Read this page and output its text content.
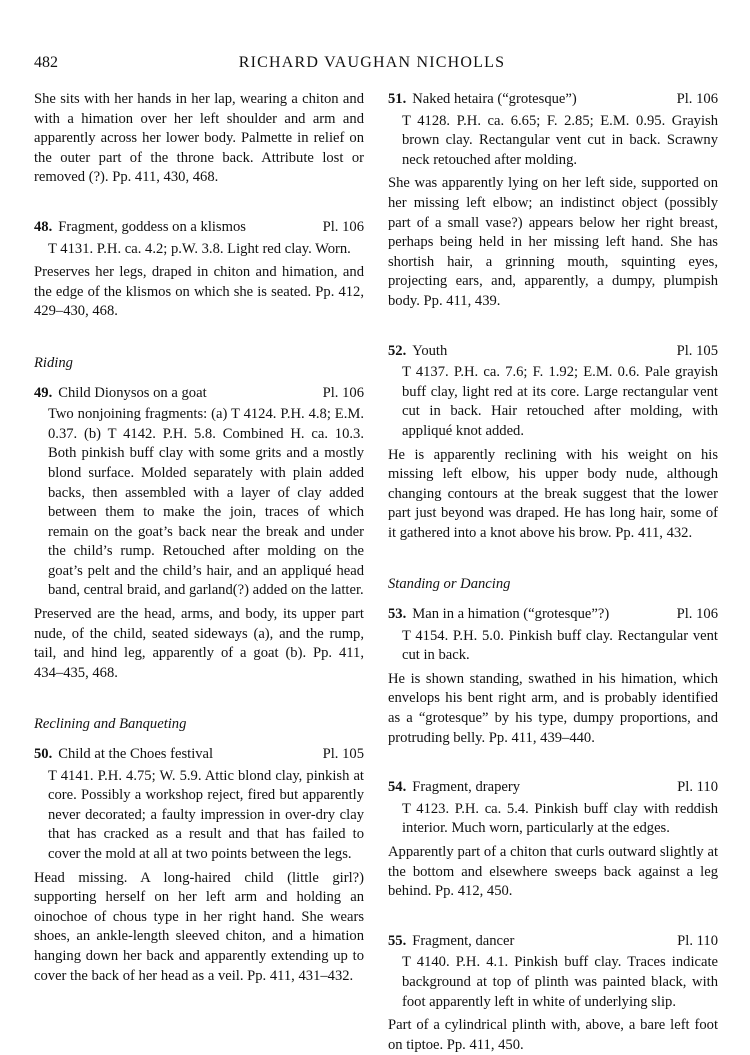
482	RICHARD VAUGHAN NICHOLLS

She sits with her hands in her lap, wearing a chiton and with a himation over her left shoulder and arm and apparently across her lower body. Palmette in relief on the outer part of the throne back. Attribute lost or removed (?). Pp. 411, 430, 468.

48. Fragment, goddess on a klismos	Pl. 106

T 4131. P.H. ca. 4.2; p.W. 3.8. Light red clay. Worn.

Preserves her legs, draped in chiton and himation, and the edge of the klismos on which she is seated. Pp. 412, 429–430, 468.

Riding
49. Child Dionysos on a goat	Pl. 106

Two nonjoining fragments: (a) T 4124. P.H. 4.8; E.M. 0.37. (b) T 4142. P.H. 5.8. Combined H. ca. 10.3. Both pinkish buff clay with some grits and a mostly blond surface. Molded separately with plain added backs, then assembled with a layer of clay added between them to make the join, traces of which remain on the goat’s back near the break and under the child’s rump. Retouched after molding on the goat’s pelt and the child’s hair, and an appliqué head band, central braid, and garland(?) added on the latter.

Preserved are the head, arms, and body, its upper part nude, of the child, seated sideways (a), and the rump, tail, and hind leg, apparently of a goat (b). Pp. 411, 434–435, 468.

Reclining and Banqueting
50. Child at the Choes festival	Pl. 105

T 4141. P.H. 4.75; W. 5.9. Attic blond clay, pinkish at core. Possibly a workshop reject, fired but apparently never decorated; a faulty impression in over-dry clay that has cracked as a result and that has failed to cover the mold at all at two points between the legs.

Head missing. A long-haired child (little girl?) supporting herself on her left arm and holding an oinochoe of chous type in her right hand. She wears shoes, an ankle-length sleeved chiton, and a himation hanging down her back and apparently extending up to cover the back of her head as a veil. Pp. 411, 431–432.

51. Naked hetaira (“grotesque”)	Pl. 106

T 4128. P.H. ca. 6.65; F. 2.85; E.M. 0.95. Grayish brown clay. Rectangular vent cut in back. Scrawny neck retouched after molding.

She was apparently lying on her left side, supported on her missing left elbow; an indistinct object (possibly part of a small vase?) appears below her right breast, perhaps being held in her missing left hand. She has shortish hair, a grinning mouth, squinting eyes, projecting ears, and, apparently, a dumpy, plumpish body. Pp. 411, 439.

52. Youth	Pl. 105

T 4137. P.H. ca. 7.6; F. 1.92; E.M. 0.6. Pale grayish buff clay, light red at its core. Large rectangular vent cut in back. Hair retouched after molding, with appliqué knot added.

He is apparently reclining with his weight on his missing left elbow, his upper body nude, although changing contours at the break suggest that the lower part just beyond was draped. He has long hair, some of it gathered into a knot above his brow. Pp. 411, 432.

Standing or Dancing
53. Man in a himation (“grotesque”?)	Pl. 106

T 4154. P.H. 5.0. Pinkish buff clay. Rectangular vent cut in back.

He is shown standing, swathed in his himation, which envelops his bent right arm, and is probably identified as a “grotesque” by his type, dumpy proportions, and protruding belly. Pp. 411, 439–440.

54. Fragment, drapery	Pl. 110

T 4123. P.H. ca. 5.4. Pinkish buff clay with reddish interior. Much worn, particularly at the edges.

Apparently part of a chiton that curls outward slightly at the bottom and elsewhere sweeps back against a leg behind. Pp. 412, 450.

55. Fragment, dancer	Pl. 110

T 4140. P.H. 4.1. Pinkish buff clay. Traces indicate background at top of plinth was painted black, with foot apparently left in white of underlying slip.

Part of a cylindrical plinth with, above, a bare left foot on tiptoe. Pp. 411, 450.
